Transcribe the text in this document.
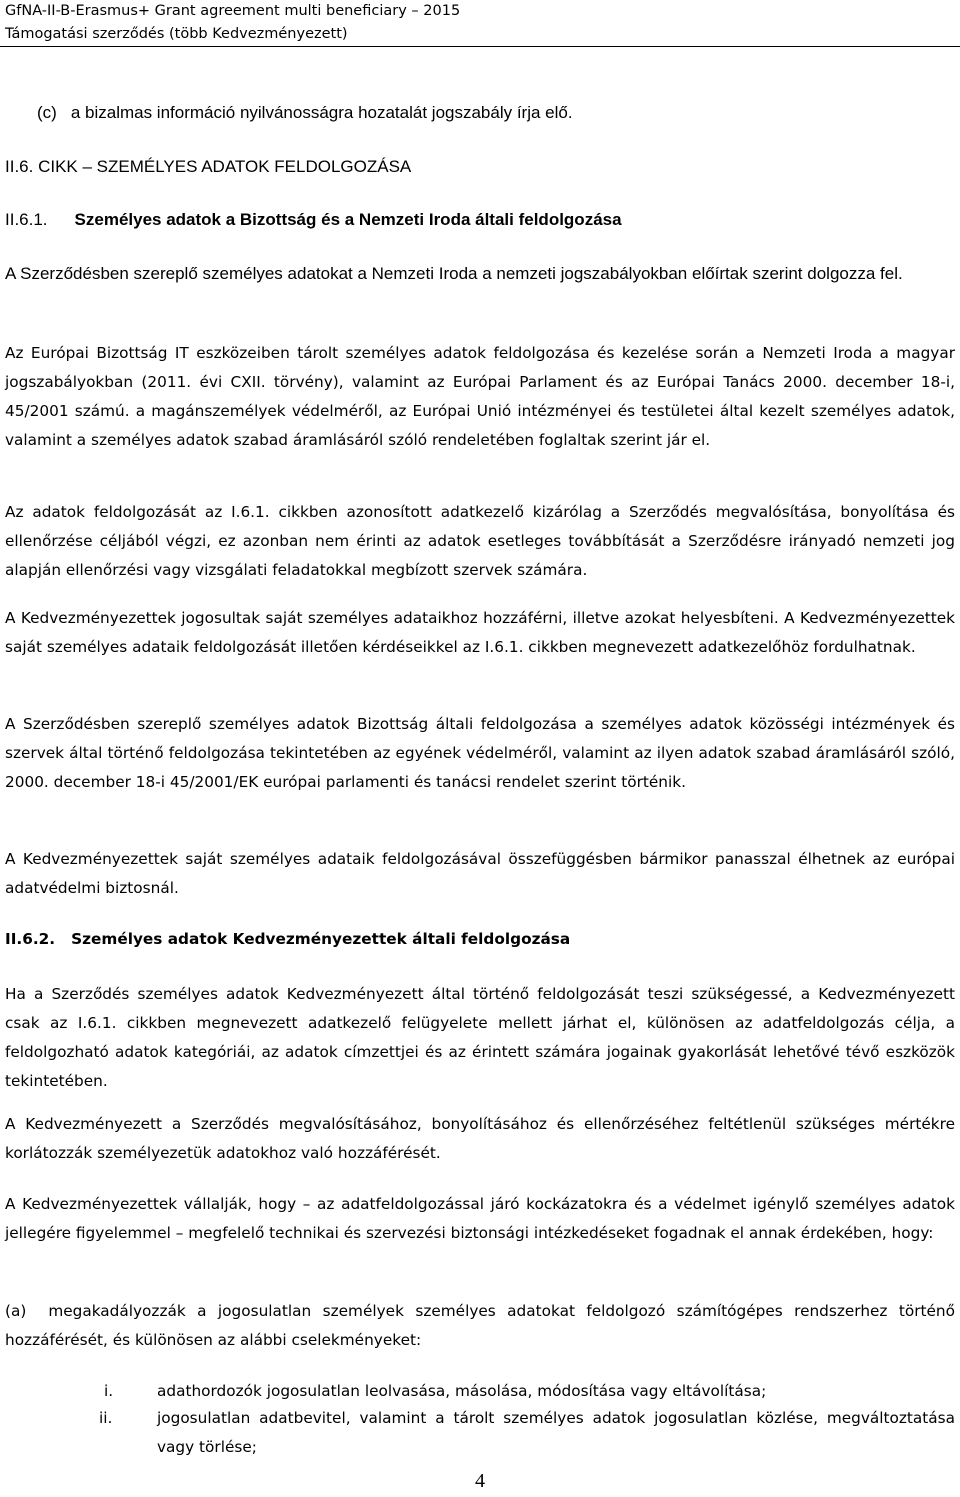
GfNA-II-B-Erasmus+ Grant agreement multi beneficiary – 2015
Támogatási szerződés (több Kedvezményezett)
(c) a bizalmas információ nyilvánosságra hozatalát jogszabály írja elő.
II.6. CIKK – SZEMÉLYES ADATOK FELDOLGOZÁSA
II.6.1. Személyes adatok a Bizottság és a Nemzeti Iroda általi feldolgozása
A Szerződésben szereplő személyes adatokat a Nemzeti Iroda a nemzeti jogszabályokban előírtak szerint dolgozza fel.
Az Európai Bizottság IT eszközeiben tárolt személyes adatok feldolgozása és kezelése során a Nemzeti Iroda a magyar jogszabályokban (2011. évi CXII. törvény), valamint az Európai Parlament és az Európai Tanács 2000. december 18-i, 45/2001 számú. a magánszemélyek védelméről, az Európai Unió intézményei és testületei által kezelt személyes adatok, valamint a személyes adatok szabad áramlásáról szóló rendeletében foglaltak szerint jár el.
Az adatok feldolgozását az I.6.1. cikkben azonosított adatkezelő kizárólag a Szerződés megvalósítása, bonyolítása és ellenőrzése céljából végzi, ez azonban nem érinti az adatok esetleges továbbítását a Szerződésre irányadó nemzeti jog alapján ellenőrzési vagy vizsgálati feladatokkal megbízott szervek számára.
A Kedvezményezettek jogosultak saját személyes adataikhoz hozzáférni, illetve azokat helyesbíteni. A Kedvezményezettek saját személyes adataik feldolgozását illetően kérdéseikkel az I.6.1. cikkben megnevezett adatkezelőhöz fordulhatnak.
A Szerződésben szereplő személyes adatok Bizottság általi feldolgozása a személyes adatok közösségi intézmények és szervek által történő feldolgozása tekintetében az egyének védelméről, valamint az ilyen adatok szabad áramlásáról szóló, 2000. december 18-i 45/2001/EK európai parlamenti és tanácsi rendelet szerint történik.
A Kedvezményezettek saját személyes adataik feldolgozásával összefüggésben bármikor panasszal élhetnek az európai adatvédelmi biztosnál.
II.6.2. Személyes adatok Kedvezményezettek általi feldolgozása
Ha a Szerződés személyes adatok Kedvezményezett által történő feldolgozását teszi szükségessé, a Kedvezményezett csak az I.6.1. cikkben megnevezett adatkezelő felügyelete mellett járhat el, különösen az adatfeldolgozás célja, a feldolgozható adatok kategóriái, az adatok címzettjei és az érintett számára jogainak gyakorlását lehetővé tévő eszközök tekintetében.
A Kedvezményezett a Szerződés megvalósításához, bonyolításához és ellenőrzéséhez feltétlenül szükséges mértékre korlátozzák személyezetük adatokhoz való hozzáférését.
A Kedvezményezettek vállalják, hogy – az adatfeldolgozással járó kockázatokra és a védelmet igénylő személyes adatok jellegére figyelemmel – megfelelő technikai és szervezési biztonsági intézkedéseket fogadnak el annak érdekében, hogy:
(a) megakadályozzák a jogosulatlan személyek személyes adatokat feldolgozó számítógépes rendszerhez történő hozzáférését, és különösen az alábbi cselekményeket:
i.	adathordozók jogosulatlan leolvasása, másolása, módosítása vagy eltávolítása;
ii.	jogosulatlan adatbevitel, valamint a tárolt személyes adatok jogosulatlan közlése, megváltoztatása vagy törlése;
4
